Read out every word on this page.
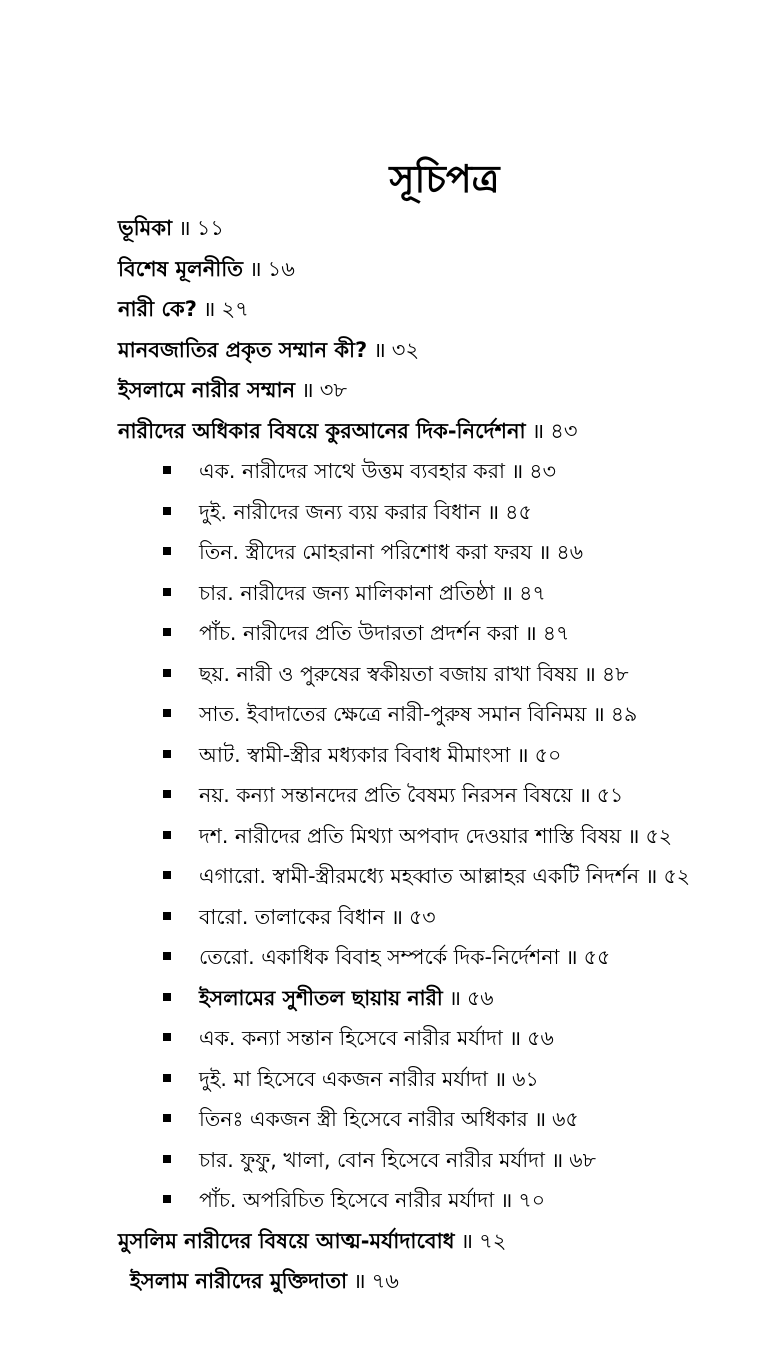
সূচিপত্র
ভূমিকা ॥ ১১
বিশেষ মূলনীতি ॥ ১৬
নারী কে? ॥ ২৭
মানবজাতির প্রকৃত সম্মান কী? ॥ ৩২
ইসলামে নারীর সম্মান ॥ ৩৮
নারীদের অধিকার বিষয়ে কুরআনের দিক-নির্দেশনা ॥ ৪৩
এক. নারীদের সাথে উত্তম ব্যবহার করা ॥ ৪৩
দুই. নারীদের জন্য ব্যয় করার বিধান ॥ ৪৫
তিন. স্ত্রীদের মোহরানা পরিশোধ করা ফরয ॥ ৪৬
চার. নারীদের জন্য মালিকানা প্রতিষ্ঠা ॥ ৪৭
পাঁচ. নারীদের প্রতি উদারতা প্রদর্শন করা ॥ ৪৭
ছয়. নারী ও পুরুষের স্বকীয়তা বজায় রাখা বিষয় ॥ ৪৮
সাত. ইবাদাতের ক্ষেত্রে নারী-পুরুষ সমান বিনিময় ॥ ৪৯
আট. স্বামী-স্ত্রীর মধ্যকার বিবাধ মীমাংসা ॥ ৫০
নয়. কন্যা সন্তানদের প্রতি বৈষম্য নিরসন বিষয়ে ॥ ৫১
দশ. নারীদের প্রতি মিথ্যা অপবাদ দেওয়ার শাস্তি বিষয় ॥ ৫২
এগারো. স্বামী-স্ত্রীরমধ্যে মহব্বাত আল্লাহর একটি নিদর্শন ॥ ৫২
বারো. তালাকের বিধান ॥ ৫৩
তেরো. একাধিক বিবাহ সম্পর্কে দিক-নির্দেশনা ॥ ৫৫
ইসলামের সুশীতল ছায়ায় নারী ॥ ৫৬
এক. কন্যা সন্তান হিসেবে নারীর মর্যাদা ॥ ৫৬
দুই. মা হিসেবে একজন নারীর মর্যাদা ॥ ৬১
তিনঃ একজন স্ত্রী হিসেবে নারীর অধিকার ॥ ৬৫
চার. ফুফু, খালা, বোন হিসেবে নারীর মর্যাদা ॥ ৬৮
পাঁচ. অপরিচিত হিসেবে নারীর মর্যাদা ॥ ৭০
মুসলিম নারীদের বিষয়ে আত্ম-মর্যাদাবোধ ॥ ৭২
ইসলাম নারীদের মুক্তিদাতা ॥ ৭৬
